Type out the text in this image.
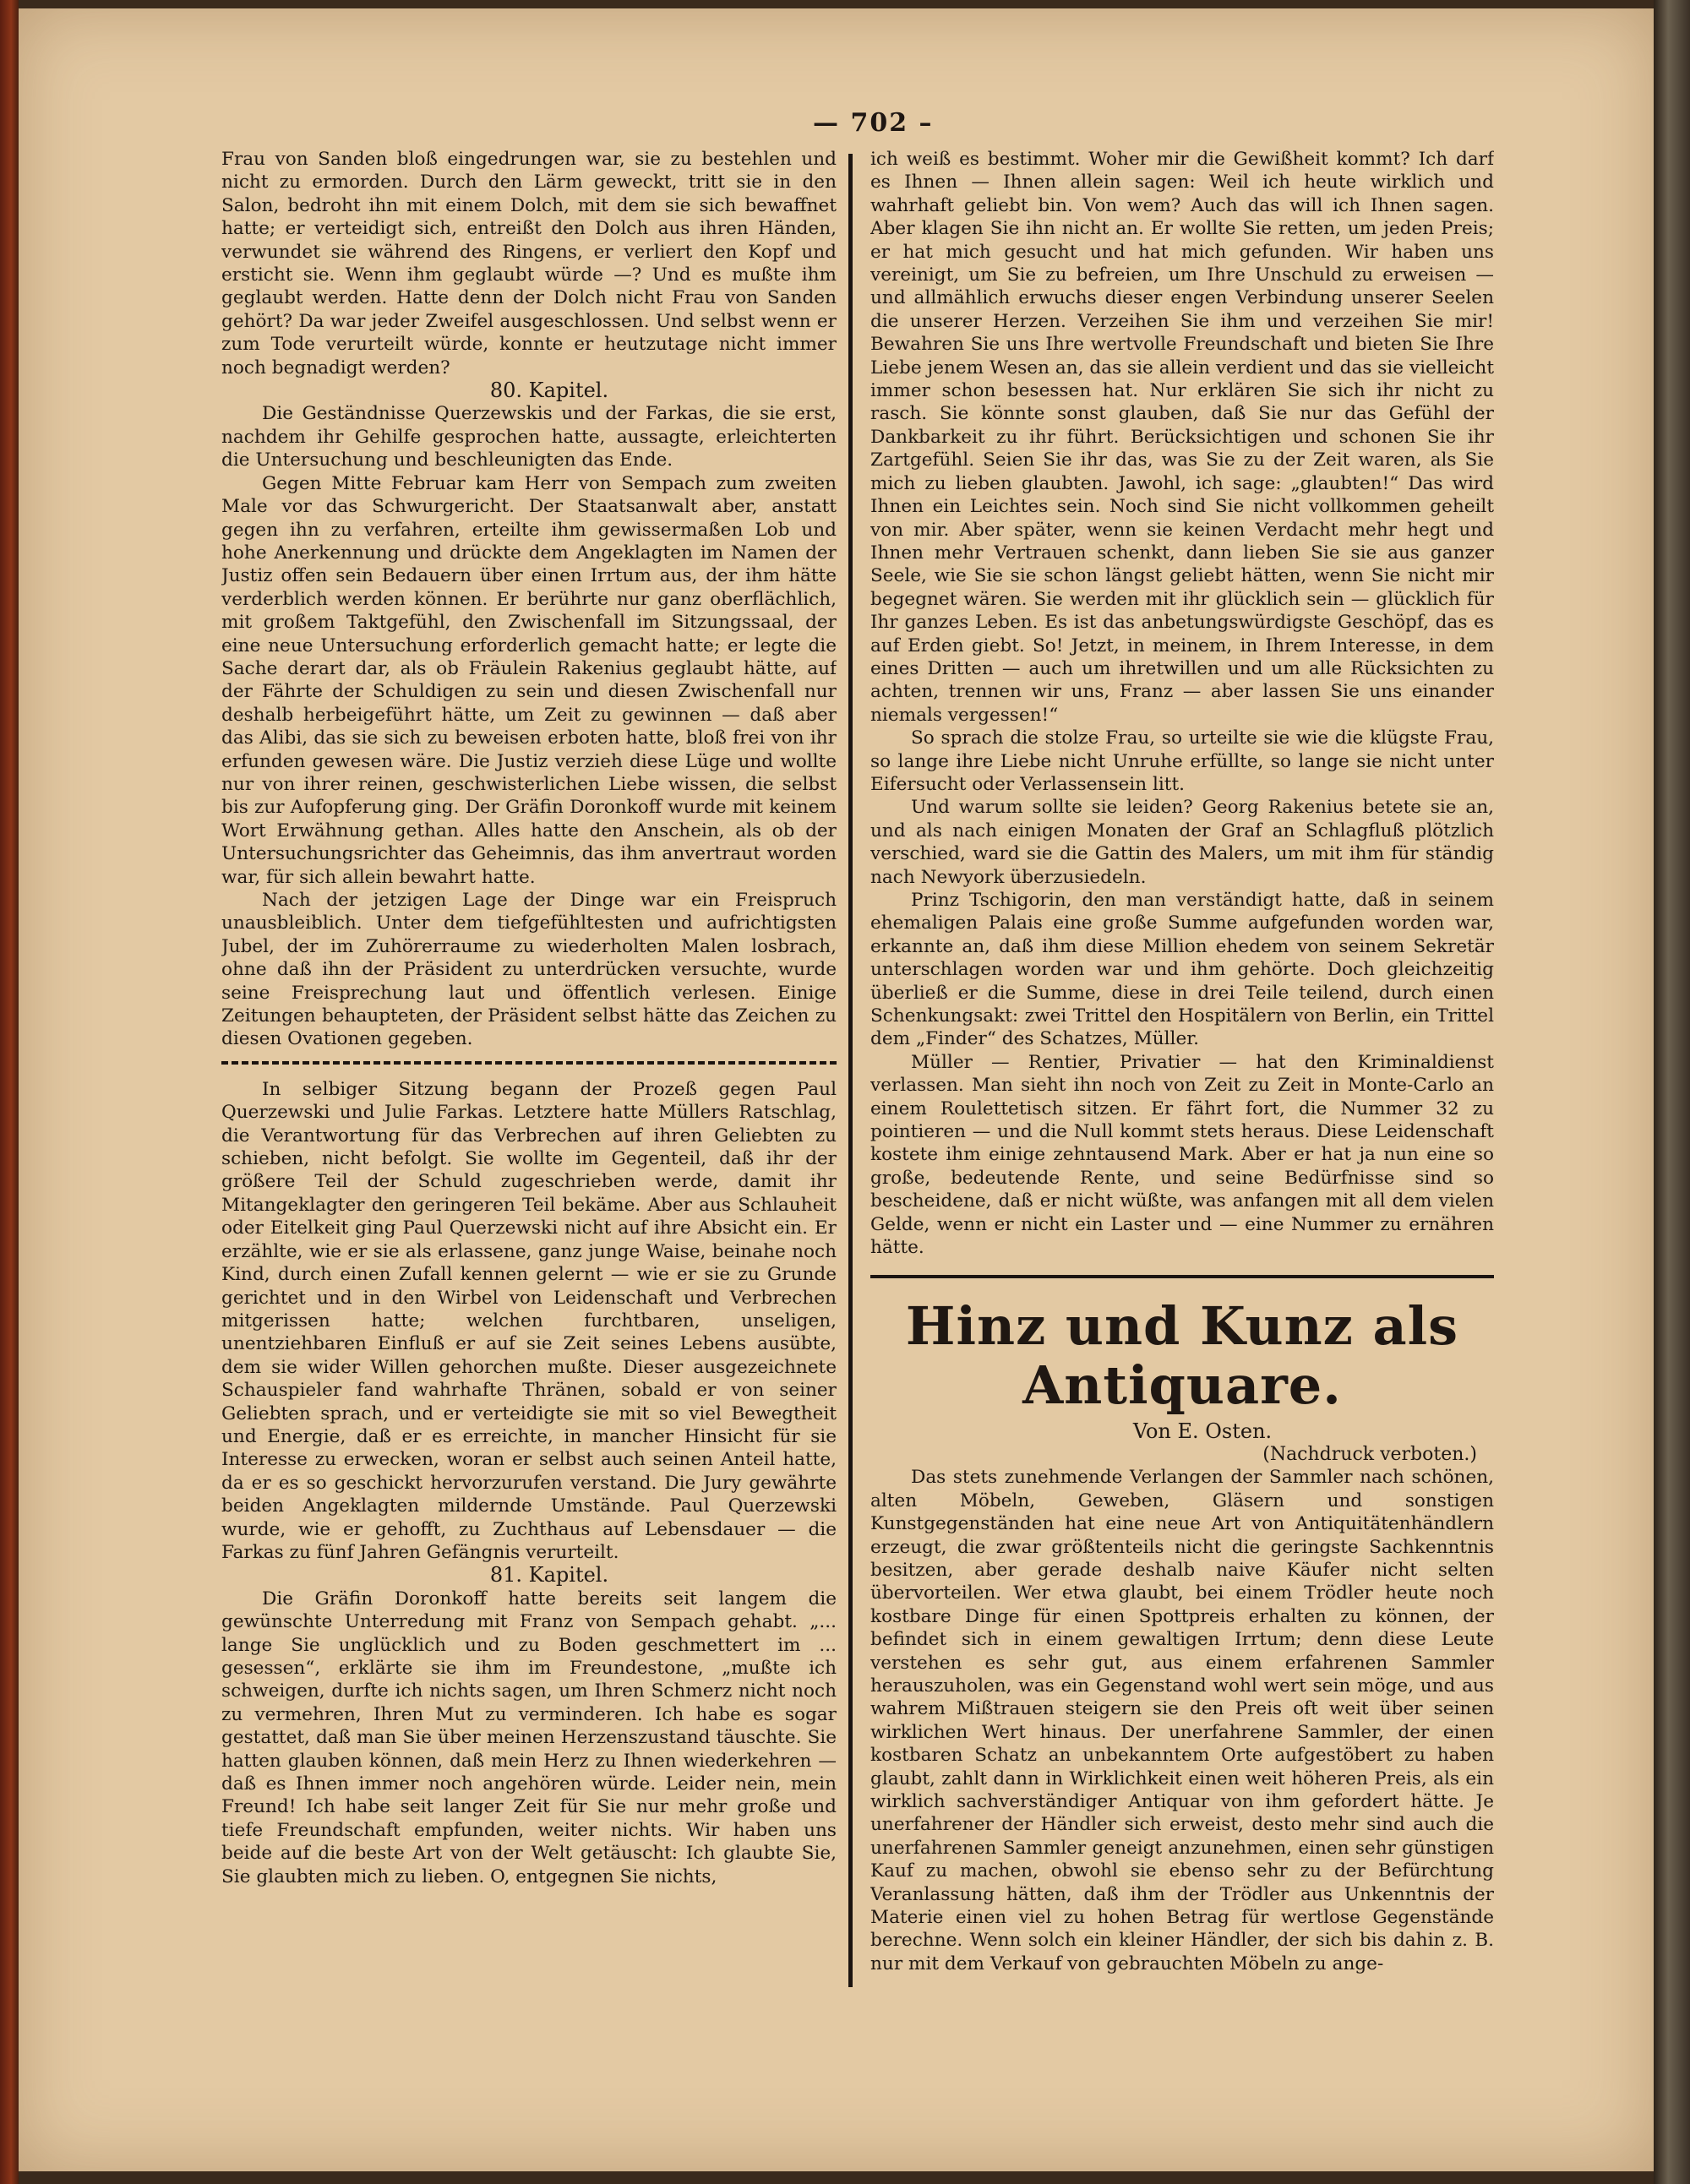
— 702 –

Frau von Sanden bloß eingedrungen war, sie zu bestehlen und nicht zu ermorden. Durch den Lärm geweckt, tritt sie in den Salon, bedroht ihn mit einem Dolch, mit dem sie sich bewaffnet hatte; er verteidigt sich, entreißt den Dolch aus ihren Händen, verwundet sie während des Ringens, er verliert den Kopf und ersticht sie. Wenn ihm geglaubt würde —? Und es mußte ihm geglaubt werden. Hatte denn der Dolch nicht Frau von Sanden gehört? Da war jeder Zweifel ausgeschlossen. Und selbst wenn er zum Tode verurteilt würde, konnte er heutzutage nicht immer noch begnadigt werden?

80. Kapitel.

Die Geständnisse Querzewskis und der Farkas, die sie erst, nachdem ihr Gehilfe gesprochen hatte, aussagte, erleichterten die Untersuchung und beschleunigten das Ende.

Gegen Mitte Februar kam Herr von Sempach zum zweiten Male vor das Schwurgericht. Der Staatsanwalt aber, anstatt gegen ihn zu verfahren, erteilte ihm gewissermaßen Lob und hohe Anerkennung und drückte dem Angeklagten im Namen der Justiz offen sein Bedauern über einen Irrtum aus, der ihm hätte verderblich werden können. Er berührte nur ganz oberflächlich, mit großem Taktgefühl, den Zwischenfall im Sitzungssaal, der eine neue Untersuchung erforderlich gemacht hatte; er legte die Sache derart dar, als ob Fräulein Rakenius geglaubt hätte, auf der Fährte der Schuldigen zu sein und diesen Zwischenfall nur deshalb herbeigeführt hätte, um Zeit zu gewinnen — daß aber das Alibi, das sie sich zu beweisen erboten hatte, bloß frei von ihr erfunden gewesen wäre. Die Justiz verzieh diese Lüge und wollte nur von ihrer reinen, geschwisterlichen Liebe wissen, die selbst bis zur Aufopferung ging. Der Gräfin Doronkoff wurde mit keinem Wort Erwähnung gethan. Alles hatte den Anschein, als ob der Untersuchungsrichter das Geheimnis, das ihm anvertraut worden war, für sich allein bewahrt hatte.

Nach der jetzigen Lage der Dinge war ein Freispruch unausbleiblich. Unter dem tiefgefühltesten und aufrichtigsten Jubel, der im Zuhörerraume zu wiederholten Malen losbrach, ohne daß ihn der Präsident zu unterdrücken versuchte, wurde seine Freisprechung laut und öffentlich verlesen. Einige Zeitungen behaupteten, der Präsident selbst hätte das Zeichen zu diesen Ovationen gegeben.

In selbiger Sitzung begann der Prozeß gegen Paul Querzewski und Julie Farkas. Letztere hatte Müllers Ratschlag, die Verantwortung für das Verbrechen auf ihren Geliebten zu schieben, nicht befolgt. Sie wollte im Gegenteil, daß ihr der größere Teil der Schuld zugeschrieben werde, damit ihr Mitangeklagter den geringeren Teil bekäme. Aber aus Schlauheit oder Eitelkeit ging Paul Querzewski nicht auf ihre Absicht ein. Er erzählte, wie er sie als erlassene, ganz junge Waise, beinahe noch Kind, durch einen Zufall kennen gelernt — wie er sie zu Grunde gerichtet und in den Wirbel von Leidenschaft und Verbrechen mitgerissen hatte; welchen furchtbaren, unseligen, unentziehbaren Einfluß er auf sie Zeit seines Lebens ausübte, dem sie wider Willen gehorchen mußte. Dieser ausgezeichnete Schauspieler fand wahrhafte Thränen, sobald er von seiner Geliebten sprach, und er verteidigte sie mit so viel Bewegtheit und Energie, daß er es erreichte, in mancher Hinsicht für sie Interesse zu erwecken, woran er selbst auch seinen Anteil hatte, da er es so geschickt hervorzurufen verstand. Die Jury gewährte beiden Angeklagten mildernde Umstände. Paul Querzewski wurde, wie er gehofft, zu Zuchthaus auf Lebensdauer — die Farkas zu fünf Jahren Gefängnis verurteilt.

81. Kapitel.

Die Gräfin Doronkoff hatte bereits seit langem die gewünschte Unterredung mit Franz von Sempach gehabt. „... lange Sie unglücklich und zu Boden geschmettert im ... gesessen“, erklärte sie ihm im Freundestone, „mußte ich schweigen, durfte ich nichts sagen, um Ihren Schmerz nicht noch zu vermehren, Ihren Mut zu verminderen. Ich habe es sogar gestattet, daß man Sie über meinen Herzenszustand täuschte. Sie hatten glauben können, daß mein Herz zu Ihnen wiederkehren — daß es Ihnen immer noch angehören würde. Leider nein, mein Freund! Ich habe seit langer Zeit für Sie nur mehr große und tiefe Freundschaft empfunden, weiter nichts. Wir haben uns beide auf die beste Art von der Welt getäuscht: Ich glaubte Sie, Sie glaubten mich zu lieben. O, entgegnen Sie nichts,

ich weiß es bestimmt. Woher mir die Gewißheit kommt? Ich darf es Ihnen — Ihnen allein sagen: Weil ich heute wirklich und wahrhaft geliebt bin. Von wem? Auch das will ich Ihnen sagen. Aber klagen Sie ihn nicht an. Er wollte Sie retten, um jeden Preis; er hat mich gesucht und hat mich gefunden. Wir haben uns vereinigt, um Sie zu befreien, um Ihre Unschuld zu erweisen — und allmählich erwuchs dieser engen Verbindung unserer Seelen die unserer Herzen. Verzeihen Sie ihm und verzeihen Sie mir! Bewahren Sie uns Ihre wertvolle Freundschaft und bieten Sie Ihre Liebe jenem Wesen an, das sie allein verdient und das sie vielleicht immer schon besessen hat. Nur erklären Sie sich ihr nicht zu rasch. Sie könnte sonst glauben, daß Sie nur das Gefühl der Dankbarkeit zu ihr führt. Berücksichtigen und schonen Sie ihr Zartgefühl. Seien Sie ihr das, was Sie zu der Zeit waren, als Sie mich zu lieben glaubten. Jawohl, ich sage: „glaubten!“ Das wird Ihnen ein Leichtes sein. Noch sind Sie nicht vollkommen geheilt von mir. Aber später, wenn sie keinen Verdacht mehr hegt und Ihnen mehr Vertrauen schenkt, dann lieben Sie sie aus ganzer Seele, wie Sie sie schon längst geliebt hätten, wenn Sie nicht mir begegnet wären. Sie werden mit ihr glücklich sein — glücklich für Ihr ganzes Leben. Es ist das anbetungswürdigste Geschöpf, das es auf Erden giebt. So! Jetzt, in meinem, in Ihrem Interesse, in dem eines Dritten — auch um ihretwillen und um alle Rücksichten zu achten, trennen wir uns, Franz — aber lassen Sie uns einander niemals vergessen!“

So sprach die stolze Frau, so urteilte sie wie die klügste Frau, so lange ihre Liebe nicht Unruhe erfüllte, so lange sie nicht unter Eifersucht oder Verlassensein litt.

Und warum sollte sie leiden? Georg Rakenius betete sie an, und als nach einigen Monaten der Graf an Schlagfluß plötzlich verschied, ward sie die Gattin des Malers, um mit ihm für ständig nach Newyork überzusiedeln.

Prinz Tschigorin, den man verständigt hatte, daß in seinem ehemaligen Palais eine große Summe aufgefunden worden war, erkannte an, daß ihm diese Million ehedem von seinem Sekretär unterschlagen worden war und ihm gehörte. Doch gleichzeitig überließ er die Summe, diese in drei Teile teilend, durch einen Schenkungsakt: zwei Trittel den Hospitälern von Berlin, ein Trittel dem „Finder“ des Schatzes, Müller.

Müller — Rentier, Privatier — hat den Kriminaldienst verlassen. Man sieht ihn noch von Zeit zu Zeit in Monte-Carlo an einem Roulettetisch sitzen. Er fährt fort, die Nummer 32 zu pointieren — und die Null kommt stets heraus. Diese Leidenschaft kostete ihm einige zehntausend Mark. Aber er hat ja nun eine so große, bedeutende Rente, und seine Bedürfnisse sind so bescheidene, daß er nicht wüßte, was anfangen mit all dem vielen Gelde, wenn er nicht ein Laster und — eine Nummer zu ernähren hätte.

Hinz und Kunz als Antiquare.

Von E. Osten.

(Nachdruck verboten.)

Das stets zunehmende Verlangen der Sammler nach schönen, alten Möbeln, Geweben, Gläsern und sonstigen Kunstgegenständen hat eine neue Art von Antiquitätenhändlern erzeugt, die zwar größtenteils nicht die geringste Sachkenntnis besitzen, aber gerade deshalb naive Käufer nicht selten übervorteilen. Wer etwa glaubt, bei einem Trödler heute noch kostbare Dinge für einen Spottpreis erhalten zu können, der befindet sich in einem gewaltigen Irrtum; denn diese Leute verstehen es sehr gut, aus einem erfahrenen Sammler herauszuholen, was ein Gegenstand wohl wert sein möge, und aus wahrem Mißtrauen steigern sie den Preis oft weit über seinen wirklichen Wert hinaus. Der unerfahrene Sammler, der einen kostbaren Schatz an unbekanntem Orte aufgestöbert zu haben glaubt, zahlt dann in Wirklichkeit einen weit höheren Preis, als ein wirklich sachverständiger Antiquar von ihm gefordert hätte. Je unerfahrener der Händler sich erweist, desto mehr sind auch die unerfahrenen Sammler geneigt anzunehmen, einen sehr günstigen Kauf zu machen, obwohl sie ebenso sehr zu der Befürchtung Veranlassung hätten, daß ihm der Trödler aus Unkenntnis der Materie einen viel zu hohen Betrag für wertlose Gegenstände berechne. Wenn solch ein kleiner Händler, der sich bis dahin z. B. nur mit dem Verkauf von gebrauchten Möbeln zu ange-
